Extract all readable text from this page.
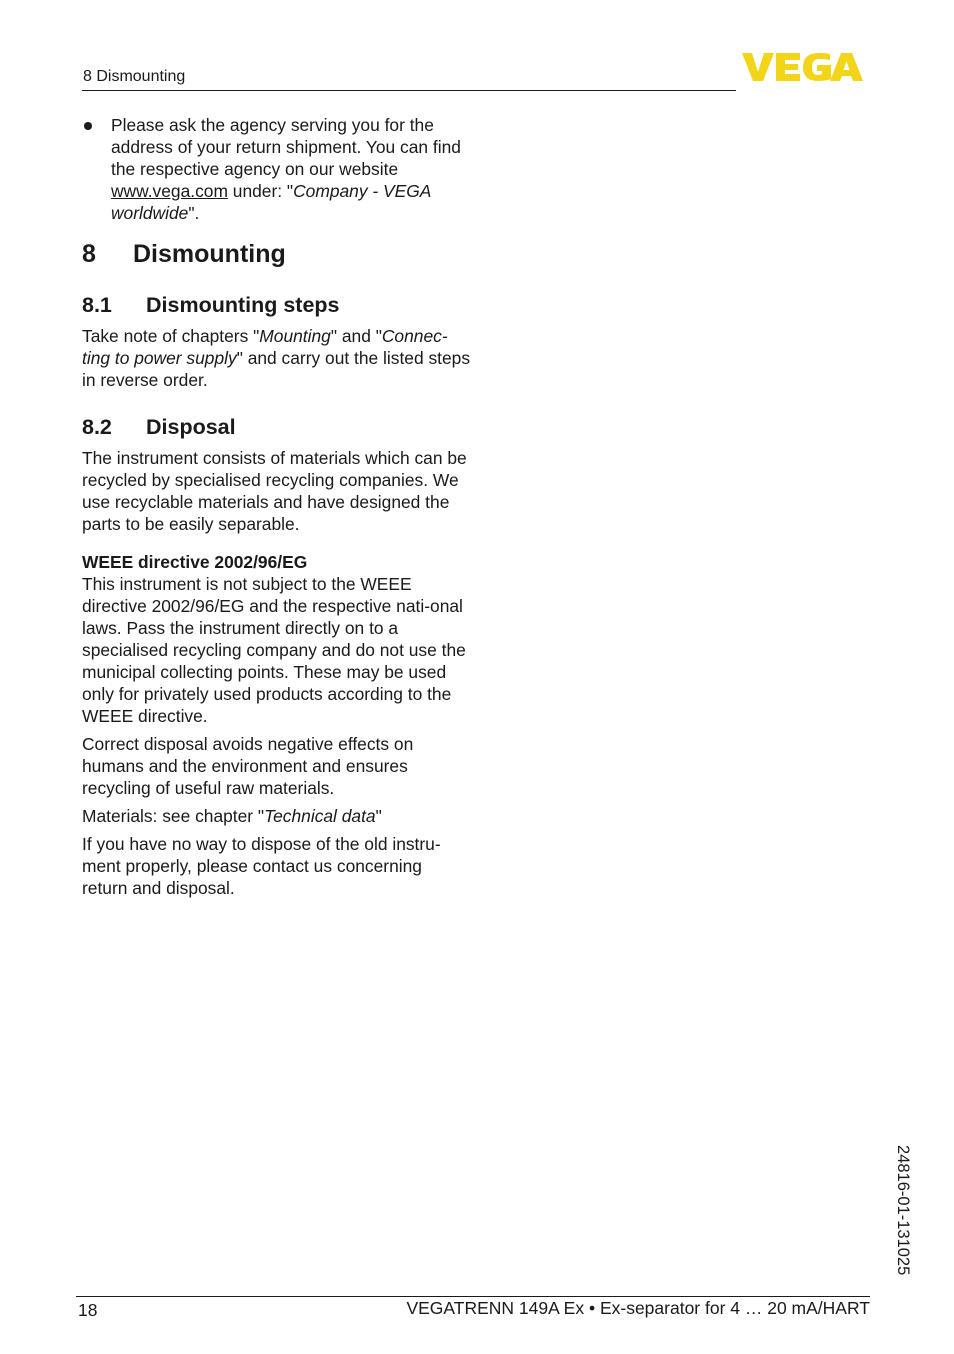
8 Dismounting

Please ask the agency serving you for the address of your return shipment. You can find the respective agency on our website www.vega.com under: "Company - VEGA worldwide".

8 Dismounting
8.1 Dismounting steps

Take note of chapters "Mounting" and "Connec-ting to power supply" and carry out the listed steps in reverse order.

8.2 Disposal

The instrument consists of materials which can be recycled by specialised recycling companies. We use recyclable materials and have designed the parts to be easily separable.

WEEE directive 2002/96/EG

This instrument is not subject to the WEEE directive 2002/96/EG and the respective nati-onal laws. Pass the instrument directly on to a specialised recycling company and do not use the municipal collecting points. These may be used only for privately used products according to the WEEE directive.

Correct disposal avoids negative effects on humans and the environment and ensures recycling of useful raw materials.

Materials: see chapter "Technical data"

If you have no way to dispose of the old instru-ment properly, please contact us concerning return and disposal.

24816-01-131025
18	VEGATRENN 149A Ex • Ex-separator for 4 … 20 mA/HART
